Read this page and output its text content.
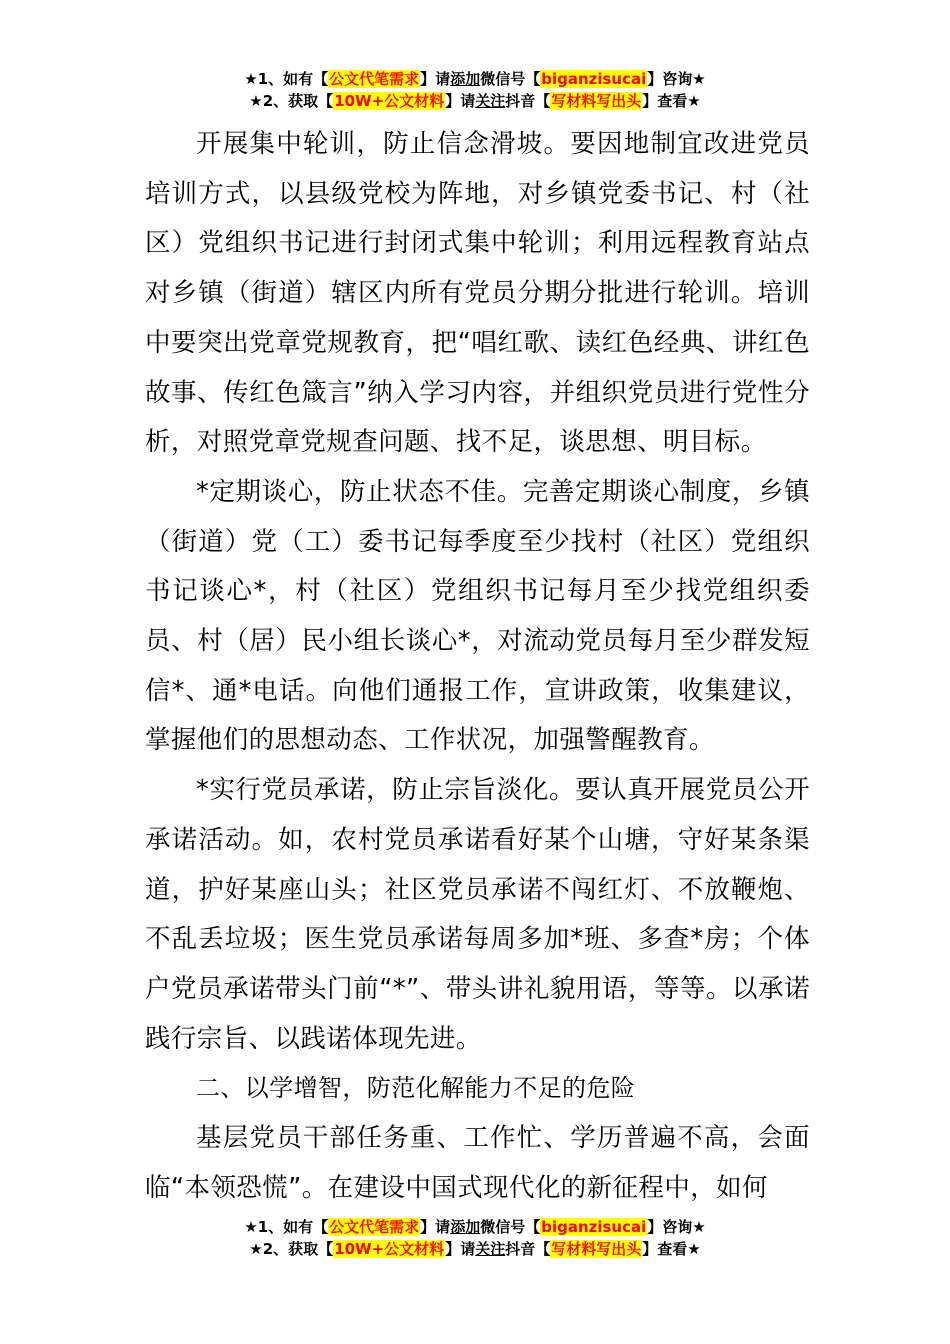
★1、如有【公文代笔需求】请添加微信号【biganzisucai】咨询★
★2、获取【10W+公文材料】请关注抖音【写材料写出头】查看★

开展集中轮训，防止信念滑坡。要因地制宜改进党员培训方式，以县级党校为阵地，对乡镇党委书记、村（社区）党组织书记进行封闭式集中轮训；利用远程教育站点对乡镇（街道）辖区内所有党员分期分批进行轮训。培训中要突出党章党规教育，把“唱红歌、读红色经典、讲红色故事、传红色箴言”纳入学习内容，并组织党员进行党性分析，对照党章党规查问题、找不足，谈思想、明目标。

*定期谈心，防止状态不佳。完善定期谈心制度，乡镇（街道）党（工）委书记每季度至少找村（社区）党组织书记谈心*，村（社区）党组织书记每月至少找党组织委员、村（居）民小组长谈心*，对流动党员每月至少群发短信*、通*电话。向他们通报工作，宣讲政策，收集建议，掌握他们的思想动态、工作状况，加强警醒教育。

*实行党员承诺，防止宗旨淡化。要认真开展党员公开承诺活动。如，农村党员承诺看好某个山塘，守好某条渠道，护好某座山头；社区党员承诺不闯红灯、不放鞭炮、不乱丢垃圾；医生党员承诺每周多加*班、多查*房；个体户党员承诺带头门前“*”、带头讲礼貌用语，等等。以承诺践行宗旨、以践诺体现先进。

二、以学增智，防范化解能力不足的危险

基层党员干部任务重、工作忙、学历普遍不高，会面临“本领恐慌”。在建设中国式现代化的新征程中，如何

★1、如有【公文代笔需求】请添加微信号【biganzisucai】咨询★
★2、获取【10W+公文材料】请关注抖音【写材料写出头】查看★
